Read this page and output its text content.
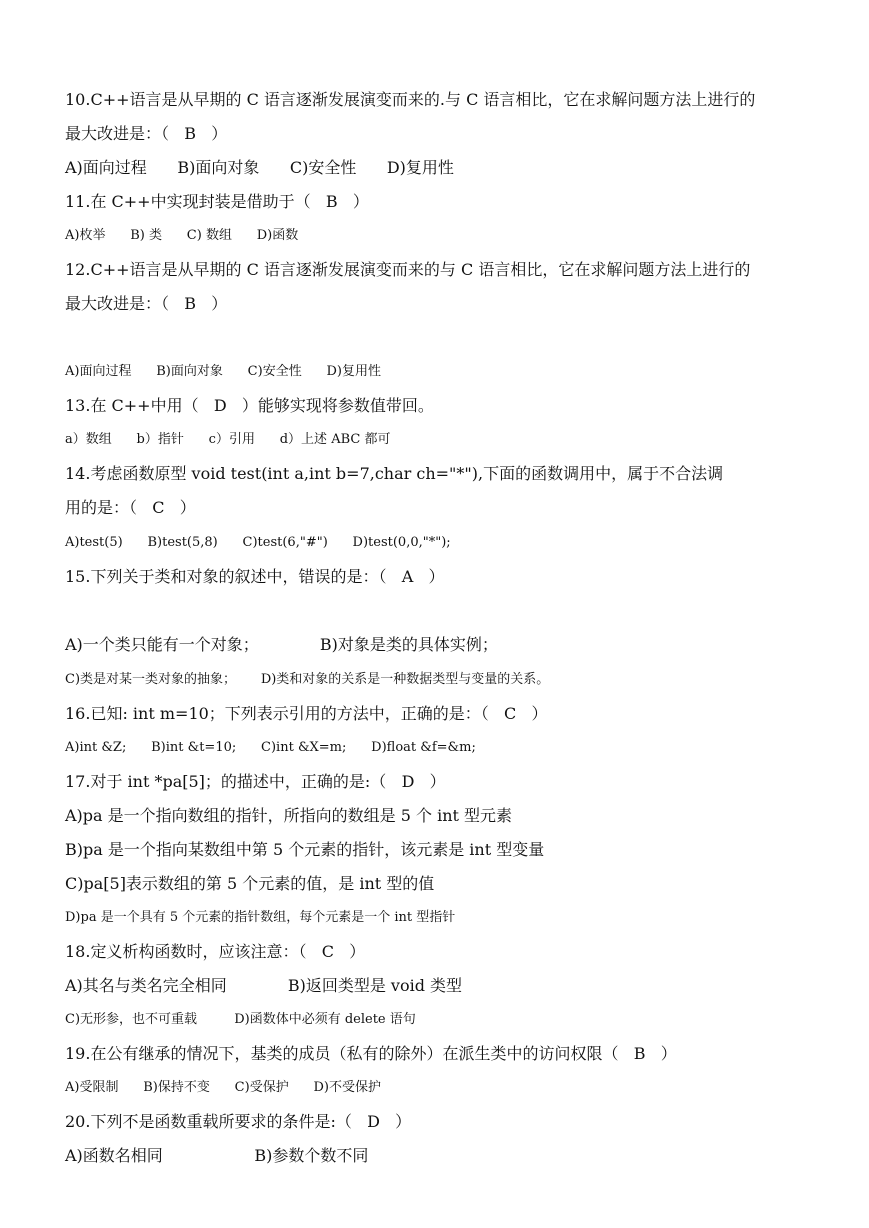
10.C++语言是从早期的 C 语言逐渐发展演变而来的.与 C 语言相比，它在求解问题方法上进行的
最大改进是：（   B   ）
A)面向过程      B)面向对象      C)安全性      D)复用性
11.在 C++中实现封装是借助于（   B   ）
A)枚举      B) 类      C) 数组      D)函数
12.C++语言是从早期的 C 语言逐渐发展演变而来的与 C 语言相比，它在求解问题方法上进行的
最大改进是：（   B   ）
A)面向过程      B)面向对象      C)安全性      D)复用性
13.在 C++中用（   D   ）能够实现将参数值带回。
a）数组      b）指针      c）引用      d）上述 ABC 都可
14.考虑函数原型 void test(int a,int b=7,char ch="*"),下面的函数调用中，属于不合法调
用的是：（   C   ）
A)test(5)      B)test(5,8)      C)test(6,"#")      D)test(0,0,"*");
15.下列关于类和对象的叙述中，错误的是：（   A   ）
A)一个类只能有一个对象；            B)对象是类的具体实例；
C)类是对某一类对象的抽象；      D)类和对象的关系是一种数据类型与变量的关系。
16.已知: int m=10；下列表示引用的方法中，正确的是：（   C   ）
A)int &Z;      B)int &t=10;      C)int &X=m;      D)float &f=&m;
17.对于 int *pa[5]；的描述中，正确的是:（   D   ）
A)pa 是一个指向数组的指针，所指向的数组是 5 个 int 型元素
B)pa 是一个指向某数组中第 5 个元素的指针，该元素是 int 型变量
C)pa[5]表示数组的第 5 个元素的值，是 int 型的值
D)pa 是一个具有 5 个元素的指针数组，每个元素是一个 int 型指针
18.定义析构函数时，应该注意：（   C   ）
A)其名与类名完全相同            B)返回类型是 void 类型
C)无形参，也不可重载         D)函数体中必须有 delete 语句
19.在公有继承的情况下，基类的成员（私有的除外）在派生类中的访问权限（   B   ）
A)受限制      B)保持不变      C)受保护      D)不受保护
20.下列不是函数重载所要求的条件是:（   D   ）
A)函数名相同                  B)参数个数不同
